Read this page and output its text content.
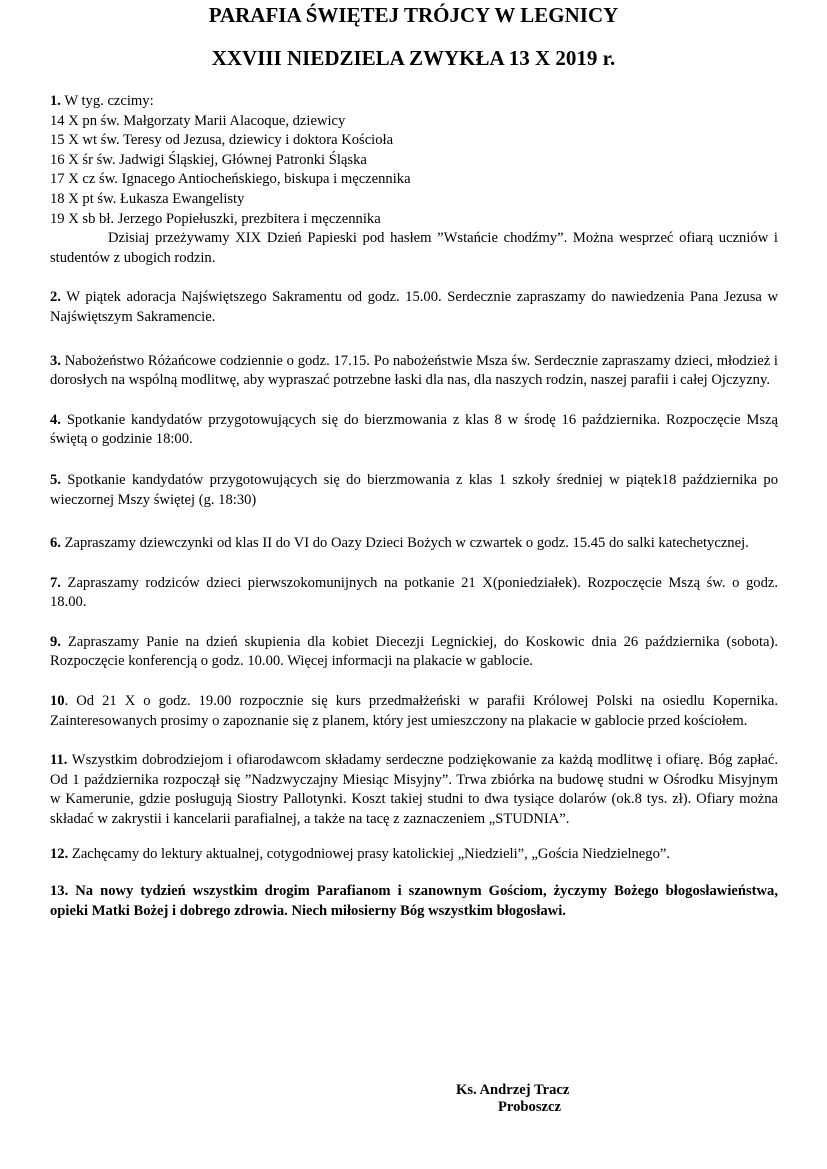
PARAFIA ŚWIĘTEJ TRÓJCY W LEGNICY
XXVIII NIEDZIELA ZWYKŁA 13 X 2019 r.

1. W tyg. czcimy:

14 X pn św. Małgorzaty Marii Alacoque, dziewicy
15 X wt św. Teresy od Jezusa, dziewicy i doktora Kościoła
16 X śr św. Jadwigi Śląskiej, Głównej Patronki Śląska
17 X cz św. Ignacego Antiocheńskiego, biskupa i męczennika
18 X pt św. Łukasza Ewangelisty
19 X sb bł. Jerzego Popiełuszki, prezbitera i męczennika

Dzisiaj przeżywamy XIX Dzień Papieski pod hasłem ”Wstańcie chodźmy”. Można wesprzeć ofiarą uczniów i studentów z ubogich rodzin.

2. W piątek adoracja Najświętszego Sakramentu od godz. 15.00. Serdecznie zapraszamy do nawiedzenia Pana Jezusa w Najświętszym Sakramencie.

3. Nabożeństwo Różańcowe codziennie o godz. 17.15. Po nabożeństwie Msza św. Serdecznie zapraszamy dzieci, młodzież i dorosłych na wspólną modlitwę, aby wypraszać potrzebne łaski dla nas, dla naszych rodzin, naszej parafii i całej Ojczyzny.

4. Spotkanie kandydatów przygotowujących się do bierzmowania z klas 8 w środę 16 października. Rozpoczęcie Mszą świętą o godzinie 18:00.

5. Spotkanie kandydatów przygotowujących się do bierzmowania z klas 1 szkoły średniej w piątek18 października po wieczornej Mszy świętej (g. 18:30)

6. Zapraszamy dziewczynki od klas II do VI do Oazy Dzieci Bożych w czwartek o godz. 15.45 do salki katechetycznej.

7. Zapraszamy rodziców dzieci pierwszokomunijnych na potkanie 21 X(poniedziałek). Rozpoczęcie Mszą św. o godz. 18.00.

9. Zapraszamy Panie na dzień skupienia dla kobiet Diecezji Legnickiej, do Koskowic dnia 26 października (sobota). Rozpoczęcie konferencją o godz. 10.00. Więcej informacji na plakacie w gablocie.

10. Od 21 X o godz. 19.00 rozpocznie się kurs przedmałżeński w parafii Królowej Polski na osiedlu Kopernika. Zainteresowanych prosimy o zapoznanie się z planem, który jest umieszczony na plakacie w gablocie przed kościołem.

11. Wszystkim dobrodziejom i ofiarodawcom składamy serdeczne podziękowanie za każdą modlitwę i ofiarę. Bóg zapłać. Od 1 października rozpoczął się ”Nadzwyczajny Miesiąc Misyjny”. Trwa zbiórka na budowę studni w Ośrodku Misyjnym w Kamerunie, gdzie posługują Siostry Pallotynki. Koszt takiej studni to dwa tysiące dolarów (ok.8 tys. zł). Ofiary można składać w zakrystii i kancelarii parafialnej, a także na tacę z zaznaczeniem „STUDNIA”.

12. Zachęcamy do lektury aktualnej, cotygodniowej prasy katolickiej „Niedzieli”, „Gościa Niedzielnego”.

13. Na nowy tydzień wszystkim drogim Parafianom i szanownym Gościom, życzymy Bożego błogosławieństwa, opieki Matki Bożej i dobrego zdrowia. Niech miłosierny Bóg wszystkim błogosławi.

Ks. Andrzej Tracz
Proboszcz
